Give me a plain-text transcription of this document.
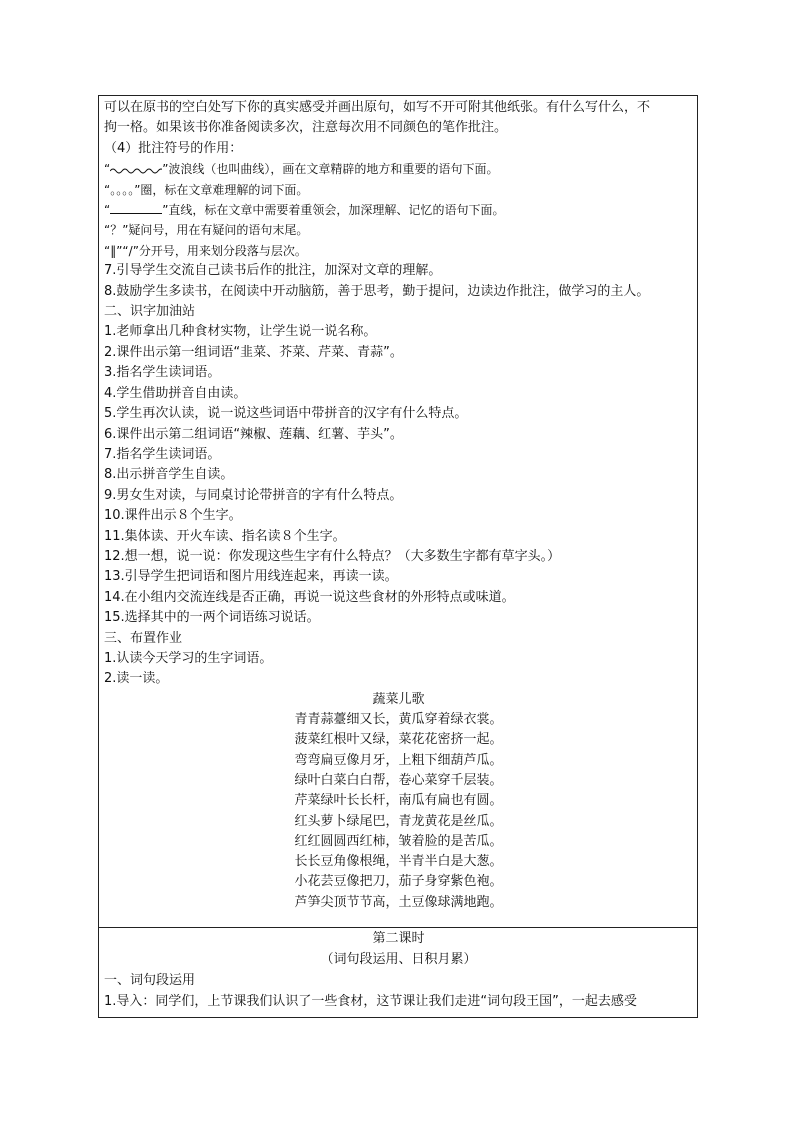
可以在原书的空白处写下你的真实感受并画出原句，如写不开可附其他纸张。有什么写什么，不
拘一格。如果该书你准备阅读多次，注意每次用不同颜色的笔作批注。
（4）批注符号的作用：
“	”波浪线（也叫曲线），画在文章精辟的地方和重要的语句下面。
“。。。。”圈，标在文章难理解的词下面。
“	”直线，标在文章中需要着重领会，加深理解、记忆的语句下面。
“？”疑问号，用在有疑问的语句末尾。
“‖”“/”分开号，用来划分段落与层次。
7.引导学生交流自己读书后作的批注，加深对文章的理解。
8.鼓励学生多读书，在阅读中开动脑筋，善于思考，勤于提问，边读边作批注，做学习的主人。
二、识字加油站
1.老师拿出几种食材实物，让学生说一说名称。
2.课件出示第一组词语“韭菜、芥菜、芹菜、青蒜”。
3.指名学生读词语。
4.学生借助拼音自由读。
5.学生再次认读，说一说这些词语中带拼音的汉字有什么特点。
6.课件出示第二组词语“辣椒、莲藕、红薯、芋头”。
7.指名学生读词语。
8.出示拼音学生自读。
9.男女生对读，与同桌讨论带拼音的字有什么特点。
10.课件出示８个生字。
11.集体读、开火车读、指名读８个生字。
12.想一想，说一说：你发现这些生字有什么特点？（大多数生字都有草字头。）
13.引导学生把词语和图片用线连起来，再读一读。
14.在小组内交流连线是否正确，再说一说这些食材的外形特点或味道。
15.选择其中的一两个词语练习说话。
三、布置作业
1.认读今天学习的生字词语。
2.读一读。
蔬菜儿歌
青青蒜薹细又长，黄瓜穿着绿衣裳。
菠菜红根叶又绿，菜花花密挤一起。
弯弯扁豆像月牙，上粗下细葫芦瓜。
绿叶白菜白白帮，卷心菜穿千层装。
芹菜绿叶长长杆，南瓜有扁也有圆。
红头萝卜绿尾巴，青龙黄花是丝瓜。
红红圆圆西红柿，皱着脸的是苦瓜。
长长豆角像根绳，半青半白是大葱。
小花芸豆像把刀，茄子身穿紫色袍。
芦笋尖顶节节高，土豆像球满地跑。
第二课时
（词句段运用、日积月累）
一、词句段运用
1.导入：同学们，上节课我们认识了一些食材，这节课让我们走进“词句段王国”，一起去感受
